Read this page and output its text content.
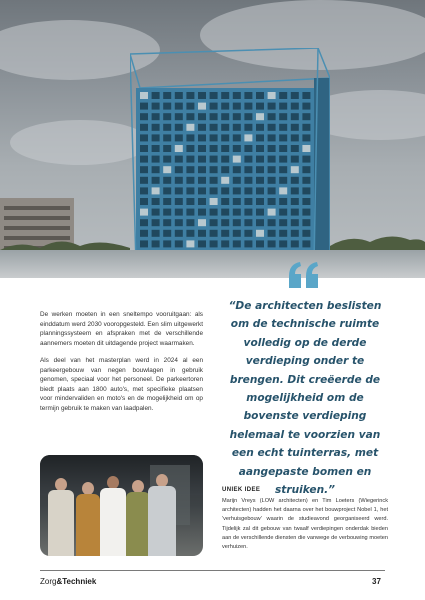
De werken moeten in een sneltempo vooruitgaan: als einddatum werd 2030 vooropgesteld. Een slim uitgewerkt planningssysteem en afspraken met de verschillende aannemers moeten dit uitdagende project waarmaken.

Als deel van het masterplan werd in 2024 al een parkeergebouw van negen bouwlagen in gebruik genomen, speciaal voor het personeel. De parkeertoren biedt plaats aan 1800 auto's, met specifieke plaatsen voor mindervaliden en moto's en de mogelijkheid om op termijn gebruik te maken van laadpalen.

“De architecten beslisten om de technische ruimte volledig op de derde verdieping onder te brengen. Dit creëerde de mogelijkheid om de bovenste verdieping helemaal te voorzien van een echt tuinterras, met aangepaste bomen en struiken.”
UNIEK IDEE
Marijn Vreys (LOW architecten) en Tim Loeters (Wiegerinck architecten) hadden het daarna over het bouwproject Nobel 1, het 'verhuisgebouw' waarin de studieavond georganiseerd werd. Tijdelijk zal dit gebouw van twaalf verdiepingen onderdak bieden aan de verschillende diensten die vanwege de verbouwing moeten verhuizen.
Zorg&Techniek	37
